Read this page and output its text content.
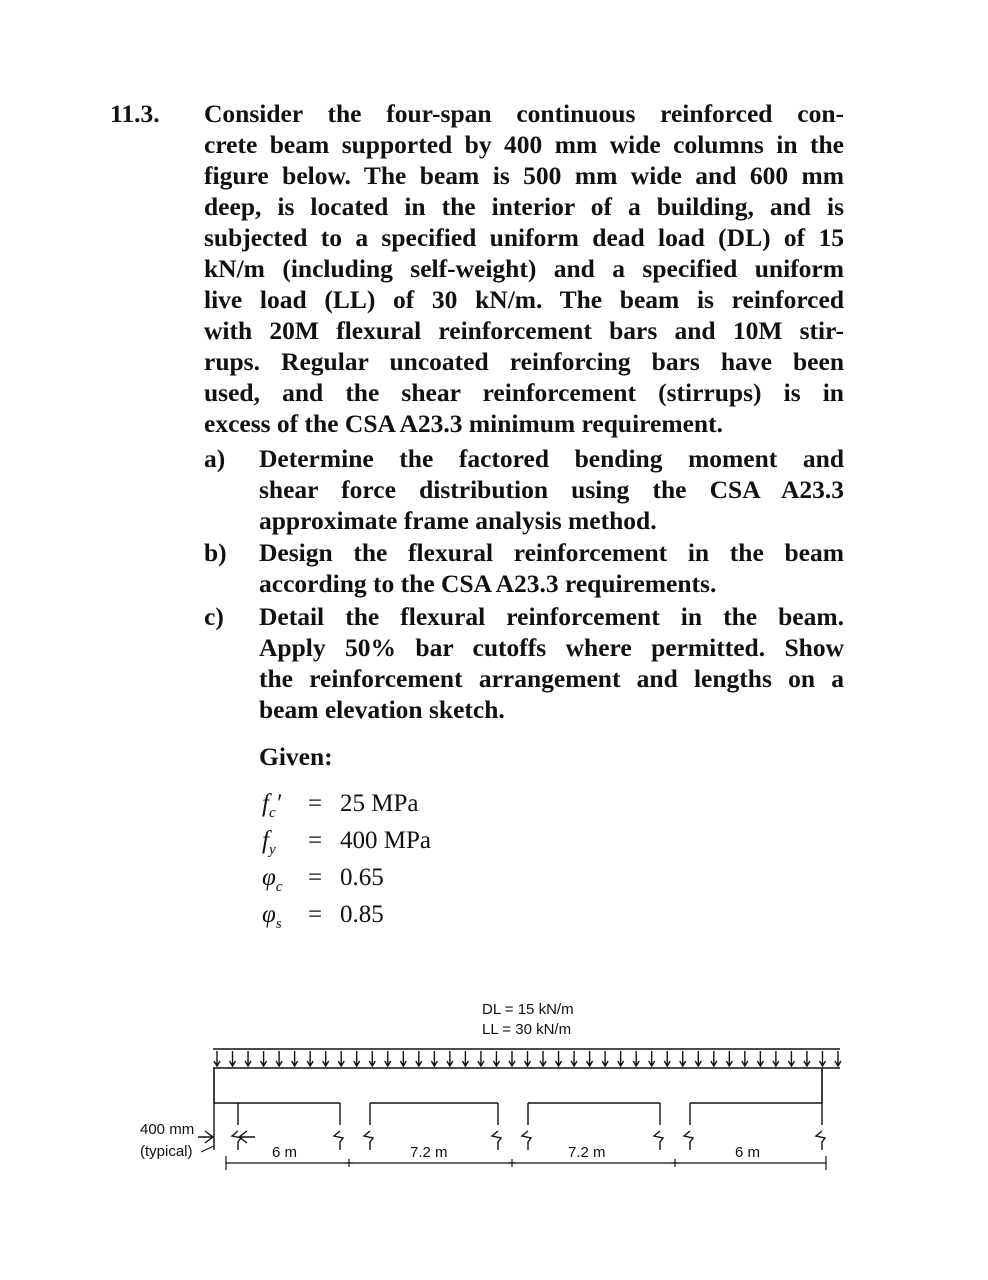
11.3. Consider the four-span continuous reinforced con-
crete beam supported by 400 mm wide columns in the
figure below. The beam is 500 mm wide and 600 mm
deep, is located in the interior of a building, and is
subjected to a specified uniform dead load (DL) of 15
kN/m (including self-weight) and a specified uniform
live load (LL) of 30 kN/m. The beam is reinforced
with 20M flexural reinforcement bars and 10M stir-
rups. Regular uncoated reinforcing bars have been
used, and the shear reinforcement (stirrups) is in
excess of the CSA A23.3 minimum requirement.
a) Determine the factored bending moment and
shear force distribution using the CSA A23.3
approximate frame analysis method.
b) Design the flexural reinforcement in the beam
according to the CSA A23.3 requirements.
c) Detail the flexural reinforcement in the beam.
Apply 50% bar cutoffs where permitted. Show
the reinforcement arrangement and lengths on a
beam elevation sketch.
Given:
$f_c' = 25$ MPa
$f_y = 400$ MPa
$\varphi_c = 0.65$
$\varphi_s = 0.85$
DL = 15 kN/m
LL = 30 kN/m
400 mm
(typical)	6 m	7.2 m	7.2 m	6 m
